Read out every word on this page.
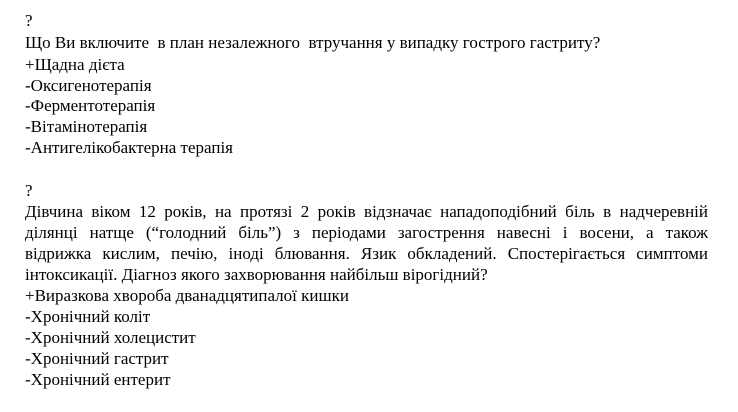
?
Що Ви включите  в план незалежного  втручання у випадку гострого гастриту?
+Щадна дієта
-Оксигенотерапія
-Ферментотерапія
-Вітамінотерапія
-Антигелікобактерна терапія
?
Дівчина віком 12 років, на протязі 2 років відзначає нападоподібний біль в надчеревній
ділянці натще (“голодний біль”) з періодами загострення навесні і восени, а також
відрижка кислим, печію, іноді блювання. Язик обкладений. Спостерігається симптоми
інтоксикації. Діагноз якого захворювання найбільш вірогідний?
+Виразкова хвороба дванадцятипалої кишки
-Хронічний коліт
-Хронічний холецистит
-Хронічний гастрит
-Хронічний ентерит
